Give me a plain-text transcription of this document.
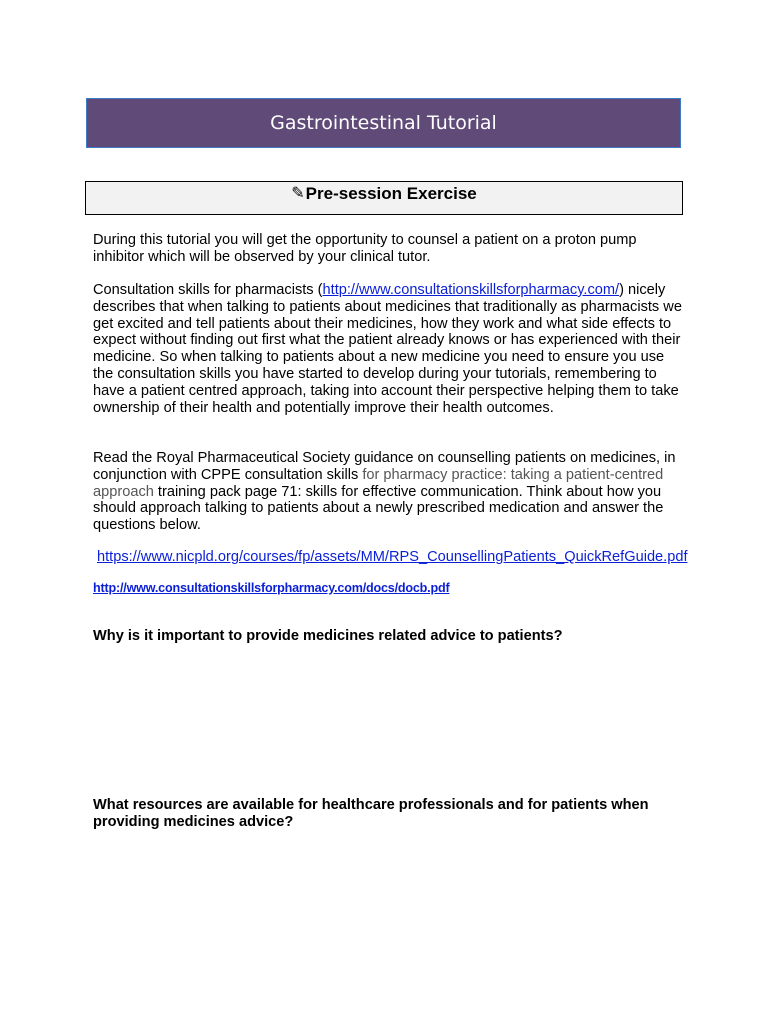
Gastrointestinal Tutorial
✎ Pre-session Exercise

During this tutorial you will get the opportunity to counsel a patient on a proton pump inhibitor which will be observed by your clinical tutor.

Consultation skills for pharmacists (http://www.consultationskillsforpharmacy.com/) nicely describes that when talking to patients about medicines that traditionally as pharmacists we get excited and tell patients about their medicines, how they work and what side effects to expect without finding out first what the patient already knows or has experienced with their medicine. So when talking to patients about a new medicine you need to ensure you use the consultation skills you have started to develop during your tutorials, remembering to have a patient centred approach, taking into account their perspective helping them to take ownership of their health and potentially improve their health outcomes.

Read the Royal Pharmaceutical Society guidance on counselling patients on medicines, in conjunction with CPPE consultation skills for pharmacy practice: taking a patient-centred approach training pack page 71: skills for effective communication. Think about how you should approach talking to patients about a newly prescribed medication and answer the questions below.

https://www.nicpld.org/courses/fp/assets/MM/RPS_CounsellingPatients_QuickRefGuide.pdf

http://www.consultationskillsforpharmacy.com/docs/docb.pdf

Why is it important to provide medicines related advice to patients?

What resources are available for healthcare professionals and for patients when providing medicines advice?
